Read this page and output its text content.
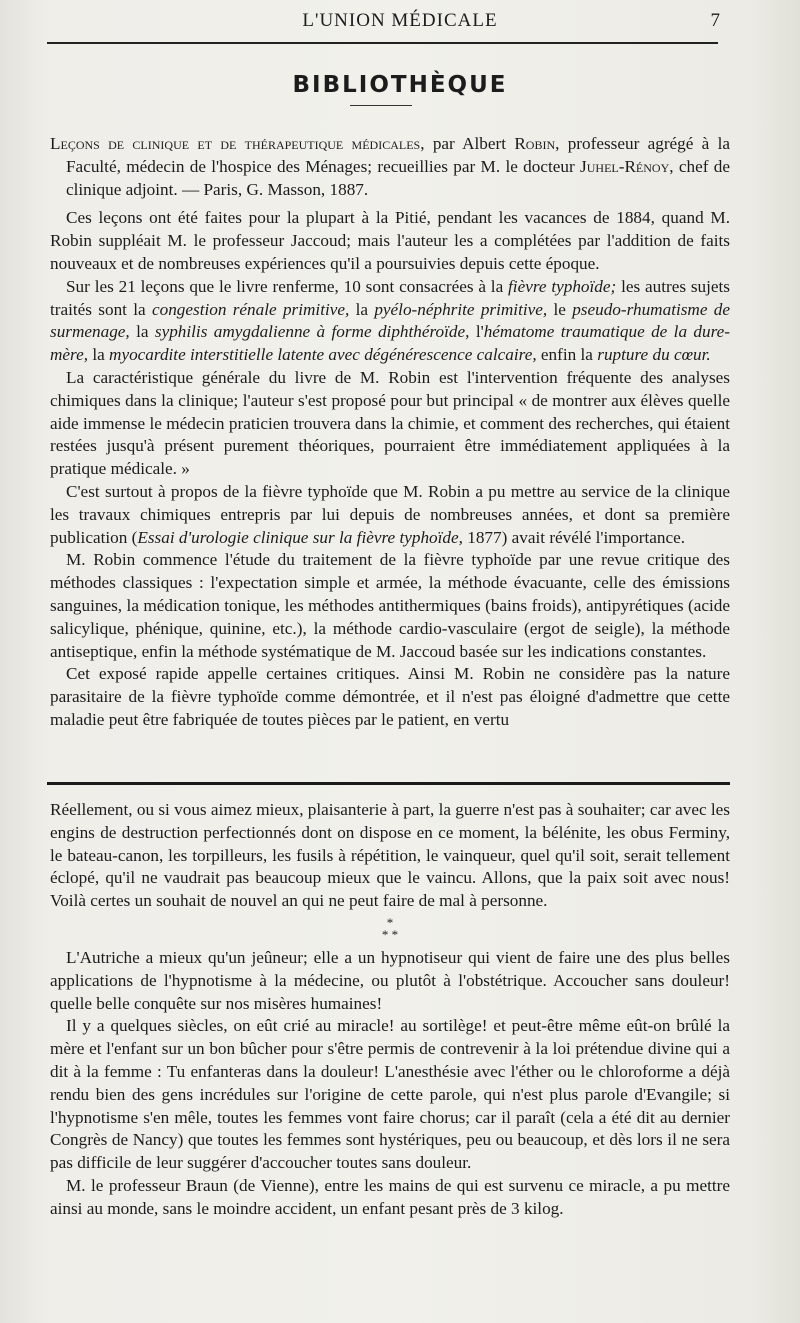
L'UNION MÉDICALE	7
BIBLIOTHÈQUE

Leçons de clinique et de thérapeutique médicales, par Albert Robin, professeur agrégé à la Faculté, médecin de l'hospice des Ménages; recueillies par M. le docteur Juhel-Rénoy, chef de clinique adjoint. — Paris, G. Masson, 1887.

Ces leçons ont été faites pour la plupart à la Pitié, pendant les vacances de 1884, quand M. Robin suppléait M. le professeur Jaccoud; mais l'auteur les a complétées par l'addition de faits nouveaux et de nombreuses expériences qu'il a poursuivies depuis cette époque.

Sur les 21 leçons que le livre renferme, 10 sont consacrées à la fièvre typhoïde; les autres sujets traités sont la congestion rénale primitive, la pyélo-néphrite primitive, le pseudo-rhumatisme de surmenage, la syphilis amygdalienne à forme diphthéroïde, l'hématome traumatique de la dure-mère, la myocardite interstitielle latente avec dégénérescence calcaire, enfin la rupture du cœur.

La caractéristique générale du livre de M. Robin est l'intervention fréquente des analyses chimiques dans la clinique; l'auteur s'est proposé pour but principal « de montrer aux élèves quelle aide immense le médecin praticien trouvera dans la chimie, et comment des recherches, qui étaient restées jusqu'à présent purement théoriques, pourraient être immédiatement appliquées à la pratique médicale. »

C'est surtout à propos de la fièvre typhoïde que M. Robin a pu mettre au service de la clinique les travaux chimiques entrepris par lui depuis de nombreuses années, et dont sa première publication (Essai d'urologie clinique sur la fièvre typhoïde, 1877) avait révélé l'importance.

M. Robin commence l'étude du traitement de la fièvre typhoïde par une revue critique des méthodes classiques : l'expectation simple et armée, la méthode évacuante, celle des émissions sanguines, la médication tonique, les méthodes antithermiques (bains froids), antipyrétiques (acide salicylique, phénique, quinine, etc.), la méthode cardio-vasculaire (ergot de seigle), la méthode antiseptique, enfin la méthode systématique de M. Jaccoud basée sur les indications constantes.

Cet exposé rapide appelle certaines critiques. Ainsi M. Robin ne considère pas la nature parasitaire de la fièvre typhoïde comme démontrée, et il n'est pas éloigné d'admettre que cette maladie peut être fabriquée de toutes pièces par le patient, en vertu

Réellement, ou si vous aimez mieux, plaisanterie à part, la guerre n'est pas à souhaiter; car avec les engins de destruction perfectionnés dont on dispose en ce moment, la bélénite, les obus Ferminy, le bateau-canon, les torpilleurs, les fusils à répétition, le vainqueur, quel qu'il soit, serait tellement éclopé, qu'il ne vaudrait pas beaucoup mieux que le vaincu. Allons, que la paix soit avec nous! Voilà certes un souhait de nouvel an qui ne peut faire de mal à personne.

*
* *

L'Autriche a mieux qu'un jeûneur; elle a un hypnotiseur qui vient de faire une des plus belles applications de l'hypnotisme à la médecine, ou plutôt à l'obstétrique. Accoucher sans douleur! quelle belle conquête sur nos misères humaines!

Il y a quelques siècles, on eût crié au miracle! au sortilège! et peut-être même eût-on brûlé la mère et l'enfant sur un bon bûcher pour s'être permis de contrevenir à la loi prétendue divine qui a dit à la femme : Tu enfanteras dans la douleur! L'anesthésie avec l'éther ou le chloroforme a déjà rendu bien des gens incrédules sur l'origine de cette parole, qui n'est plus parole d'Evangile; si l'hypnotisme s'en mêle, toutes les femmes vont faire chorus; car il paraît (cela a été dit au dernier Congrès de Nancy) que toutes les femmes sont hystériques, peu ou beaucoup, et dès lors il ne sera pas difficile de leur suggérer d'accoucher toutes sans douleur.

M. le professeur Braun (de Vienne), entre les mains de qui est survenu ce miracle, a pu mettre ainsi au monde, sans le moindre accident, un enfant pesant près de 3 kilog.
